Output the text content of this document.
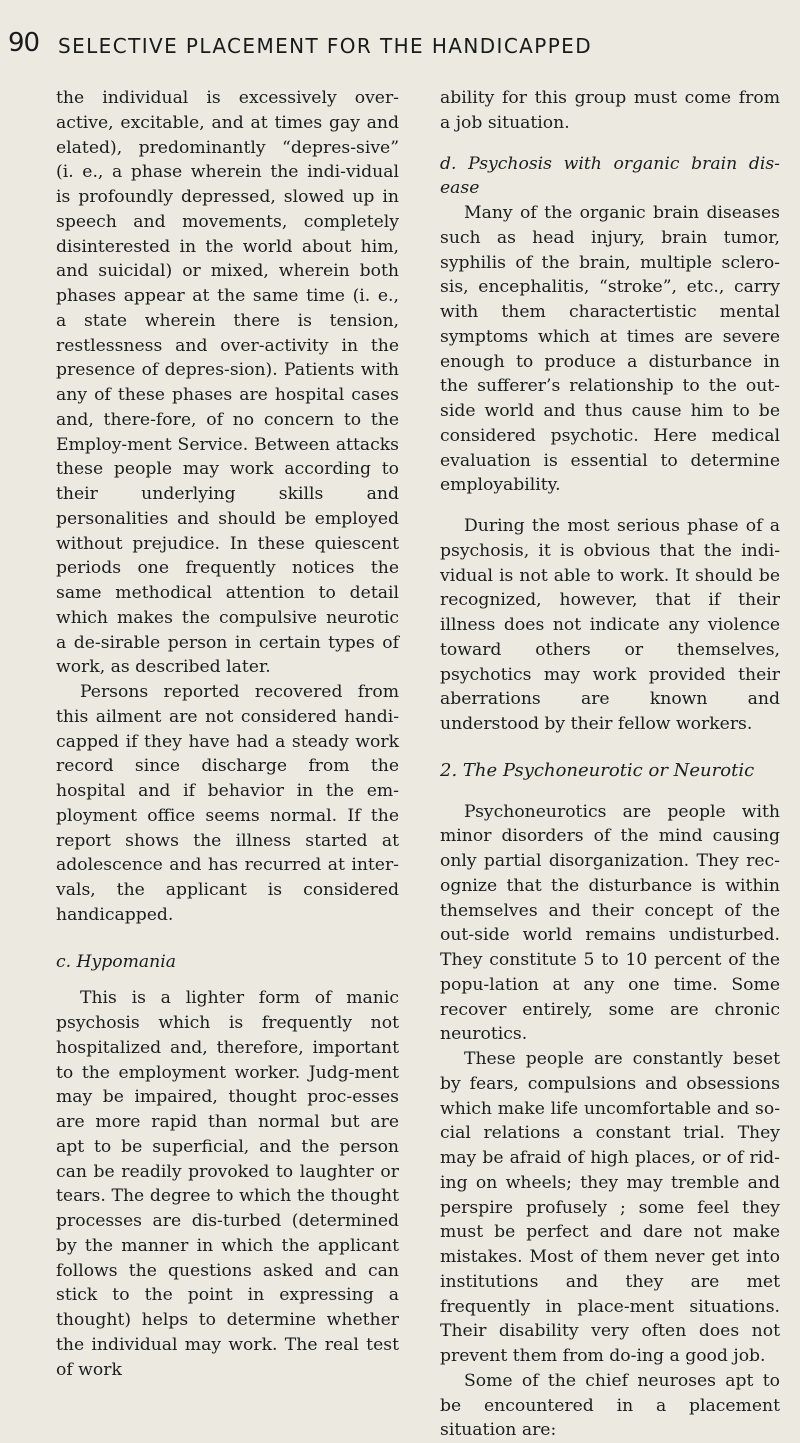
90 SELECTIVE PLACEMENT FOR THE HANDICAPPED

the individual is excessively over-active, excitable, and at times gay and elated), predominantly “depres-sive” (i. e., a phase wherein the indi-vidual is profoundly depressed, slowed up in speech and movements, completely disinterested in the world about him, and suicidal) or mixed, wherein both phases appear at the same time (i. e., a state wherein there is tension, restlessness and over-activity in the presence of depres-sion). Patients with any of these phases are hospital cases and, there-fore, of no concern to the Employ-ment Service. Between attacks these people may work according to their underlying skills and personalities and should be employed without prejudice. In these quiescent periods one frequently notices the same methodical attention to detail which makes the compulsive neurotic a de-sirable person in certain types of work, as described later.

Persons reported recovered from this ailment are not considered handi-capped if they have had a steady work record since discharge from the hospital and if behavior in the em-ployment office seems normal. If the report shows the illness started at adolescence and has recurred at inter-vals, the applicant is considered handicapped.

c. Hypomania

This is a lighter form of manic psychosis which is frequently not hospitalized and, therefore, important to the employment worker. Judg-ment may be impaired, thought proc-esses are more rapid than normal but are apt to be superficial, and the person can be readily provoked to laughter or tears. The degree to which the thought processes are dis-turbed (determined by the manner in which the applicant follows the questions asked and can stick to the point in expressing a thought) helps to determine whether the individual may work. The real test of work

ability for this group must come from a job situation.

d. Psychosis with organic brain dis-ease

Many of the organic brain diseases such as head injury, brain tumor, syphilis of the brain, multiple sclero-sis, encephalitis, “stroke”, etc., carry with them charactertistic mental symptoms which at times are severe enough to produce a disturbance in the sufferer’s relationship to the out-side world and thus cause him to be considered psychotic. Here medical evaluation is essential to determine employability.

During the most serious phase of a psychosis, it is obvious that the indi-vidual is not able to work. It should be recognized, however, that if their illness does not indicate any violence toward others or themselves, psychotics may work provided their aberrations are known and understood by their fellow workers.

2. The Psychoneurotic or Neurotic

Psychoneurotics are people with minor disorders of the mind causing only partial disorganization. They rec-ognize that the disturbance is within themselves and their concept of the out-side world remains undisturbed. They constitute 5 to 10 percent of the popu-lation at any one time. Some recover entirely, some are chronic neurotics.

These people are constantly beset by fears, compulsions and obsessions which make life uncomfortable and so-cial relations a constant trial. They may be afraid of high places, or of rid-ing on wheels; they may tremble and perspire profusely ; some feel they must be perfect and dare not make mistakes. Most of them never get into institutions and they are met frequently in place-ment situations. Their disability very often does not prevent them from do-ing a good job.

Some of the chief neuroses apt to be encountered in a placement situation are:
